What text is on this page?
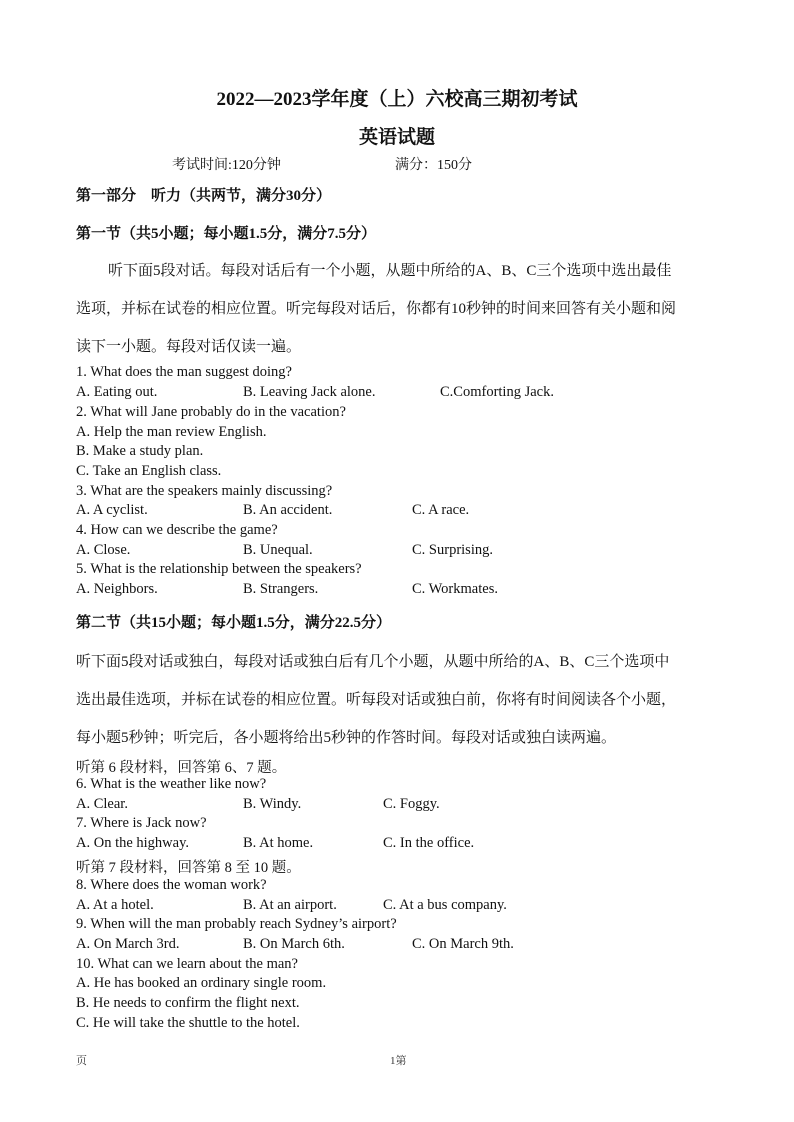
2022—2023学年度（上）六校高三期初考试
英语试题
考试时间:120分钟	满分：150分
第一部分　听力（共两节，满分30分）
第一节（共5小题；每小题1.5分，满分7.5分）
听下面5段对话。每段对话后有一个小题，从题中所给的A、B、C三个选项中选出最佳
选项，并标在试卷的相应位置。听完每段对话后，你都有10秒钟的时间来回答有关小题和阅
读下一小题。每段对话仅读一遍。
1. What does the man suggest doing?
A. Eating out.	B. Leaving Jack alone.	C.Comforting Jack.
2. What will Jane probably do in the vacation?
A. Help the man review English.
B. Make a study plan.
C. Take an English class.
3. What are the speakers mainly discussing?
A. A cyclist.	B. An accident.	C. A race.
4. How can we describe the game?
A. Close.	B. Unequal.	C. Surprising.
5. What is the relationship between the speakers?
A. Neighbors.	B. Strangers.	C. Workmates.
第二节（共15小题；每小题1.5分，满分22.5分）
听下面5段对话或独白，每段对话或独白后有几个小题，从题中所给的A、B、C三个选项中
选出最佳选项，并标在试卷的相应位置。听每段对话或独白前，你将有时间阅读各个小题，
每小题5秒钟；听完后，各小题将给出5秒钟的作答时间。每段对话或独白读两遍。
听第 6 段材料，回答第 6、7 题。
6. What is the weather like now?
A. Clear.	B. Windy.	C. Foggy.
7. Where is Jack now?
A. On the highway.	B. At home.	C. In the office.
听第 7 段材料，回答第 8 至 10 题。
8. Where does the woman work?
A. At a hotel.	B. At an airport.	C. At a bus company.
9. When will the man probably reach Sydney’s airport?
A. On March 3rd.	B. On March 6th.	C. On March 9th.
10. What can we learn about the man?
A. He has booked an ordinary single room.
B. He needs to confirm the flight next.
C. He will take the shuttle to the hotel.
页	1第
